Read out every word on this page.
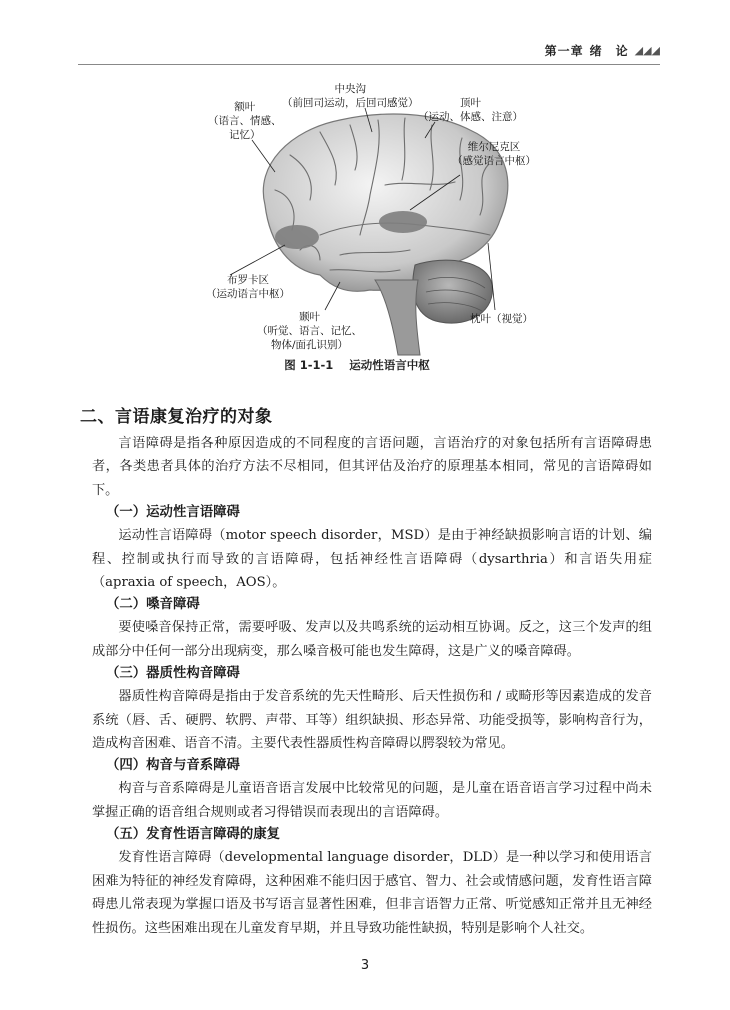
第一章 绪　论 ◢◢◢
额叶
（语言、情感、
记忆）
中央沟
（前回司运动，后回司感觉）	顶叶
（运动、体感、注意）
维尔尼克区
（感觉语言中枢）
布罗卡区
（运动语言中枢）
颞叶
（听觉、语言、记忆、
物体/面孔识别）
枕叶（视觉）
图 1-1-1 运动性语言中枢
二、言语康复治疗的对象

言语障碍是指各种原因造成的不同程度的言语问题，言语治疗的对象包括所有言语障碍患者，各类患者具体的治疗方法不尽相同，但其评估及治疗的原理基本相同，常见的言语障碍如下。

（一）运动性言语障碍

运动性言语障碍（motor speech disorder，MSD）是由于神经缺损影响言语的计划、编程、控制或执行而导致的言语障碍，包括神经性言语障碍（dysarthria）和言语失用症（apraxia of speech，AOS）。

（二）嗓音障碍

要使嗓音保持正常，需要呼吸、发声以及共鸣系统的运动相互协调。反之，这三个发声的组成部分中任何一部分出现病变，那么嗓音极可能也发生障碍，这是广义的嗓音障碍。

（三）器质性构音障碍

器质性构音障碍是指由于发音系统的先天性畸形、后天性损伤和 / 或畸形等因素造成的发音系统（唇、舌、硬腭、软腭、声带、耳等）组织缺损、形态异常、功能受损等，影响构音行为，造成构音困难、语音不清。主要代表性器质性构音障碍以腭裂较为常见。

（四）构音与音系障碍

构音与音系障碍是儿童语音语言发展中比较常见的问题，是儿童在语音语言学习过程中尚未掌握正确的语音组合规则或者习得错误而表现出的言语障碍。

（五）发育性语言障碍的康复

发育性语言障碍（developmental language disorder，DLD）是一种以学习和使用语言困难为特征的神经发育障碍，这种困难不能归因于感官、智力、社会或情感问题，发育性语言障碍患儿常表现为掌握口语及书写语言显著性困难，但非言语智力正常、听觉感知正常并且无神经性损伤。这些困难出现在儿童发育早期，并且导致功能性缺损，特别是影响个人社交。

3
